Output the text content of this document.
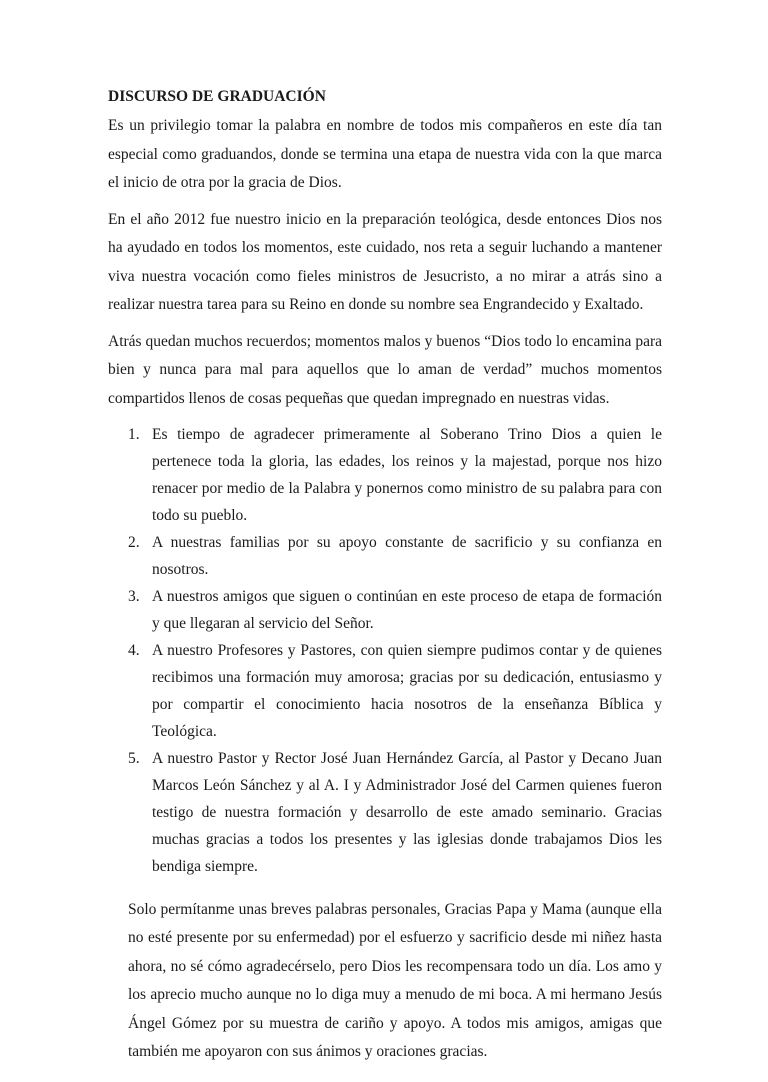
DISCURSO DE GRADUACIÓN

Es un privilegio tomar la palabra en nombre de todos mis compañeros en este día tan especial como graduandos, donde se termina una etapa de nuestra vida con la que marca el inicio de otra por la gracia de Dios.

En el año 2012 fue nuestro inicio en la preparación teológica, desde entonces Dios nos ha ayudado en todos los momentos, este cuidado, nos reta a seguir luchando a mantener viva nuestra vocación como fieles ministros de Jesucristo, a no mirar a atrás sino a realizar nuestra tarea para su Reino en donde su nombre sea Engrandecido y Exaltado.

Atrás quedan muchos recuerdos; momentos malos y buenos “Dios todo lo encamina para bien y nunca para mal para aquellos que lo aman de verdad” muchos momentos compartidos llenos de cosas pequeñas que quedan impregnado en nuestras vidas.

1. Es tiempo de agradecer primeramente al Soberano Trino Dios a quien le pertenece toda la gloria, las edades, los reinos y la majestad, porque nos hizo renacer por medio de la Palabra y ponernos como ministro de su palabra para con todo su pueblo.
2. A nuestras familias por su apoyo constante de sacrificio y su confianza en nosotros.
3. A nuestros amigos que siguen o continúan en este proceso de etapa de formación y que llegaran al servicio del Señor.
4. A nuestro Profesores y Pastores, con quien siempre pudimos contar y de quienes recibimos una formación muy amorosa; gracias por su dedicación, entusiasmo y por compartir el conocimiento hacia nosotros de la enseñanza Bíblica y Teológica.
5. A nuestro Pastor y Rector José Juan Hernández García, al Pastor y Decano Juan Marcos León Sánchez y al A. I y Administrador José del Carmen quienes fueron testigo de nuestra formación y desarrollo de este amado seminario. Gracias muchas gracias a todos los presentes y las iglesias donde trabajamos Dios les bendiga siempre.

Solo permítanme unas breves palabras personales, Gracias Papa y Mama (aunque ella no esté presente por su enfermedad) por el esfuerzo y sacrificio desde mi niñez hasta ahora, no sé cómo agradecérselo, pero Dios les recompensara todo un día. Los amo y los aprecio mucho aunque no lo diga muy a menudo de mi boca. A mi hermano Jesús Ángel Gómez por su muestra de cariño y apoyo. A todos mis amigos, amigas que también me apoyaron con sus ánimos y oraciones gracias.
